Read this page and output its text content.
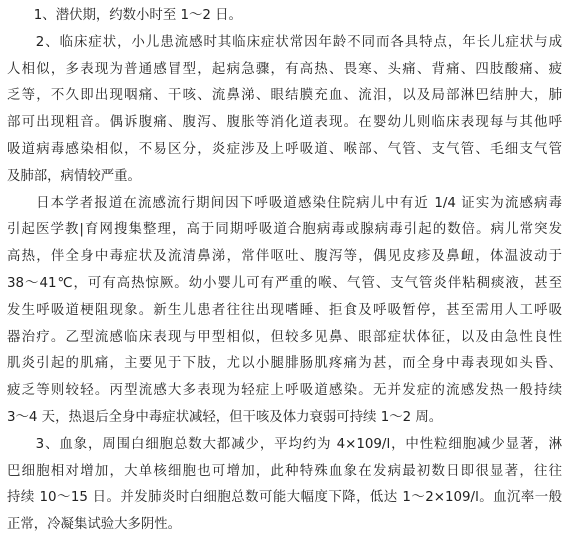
　　1、潜伏期，约数小时至 1～2 日。
　　2、临床症状，小儿患流感时其临床症状常因年龄不同而各具特点，年长儿症状与成
人相似，多表现为普通感冒型，起病急骤，有高热、畏寒、头痛、背痛、四肢酸痛、疲
乏等，不久即出现咽痛、干咳、流鼻涕、眼结膜充血、流泪，以及局部淋巴结肿大，肺
部可出现粗音。偶诉腹痛、腹泻、腹胀等消化道表现。在婴幼儿则临床表现每与其他呼
吸道病毒感染相似，不易区分，炎症涉及上呼吸道、喉部、气管、支气管、毛细支气管
及肺部，病情较严重。
　　日本学者报道在流感流行期间因下呼吸道感染住院病儿中有近 1/4 证实为流感病毒
引起医学教|育网搜集整理，高于同期呼吸道合胞病毒或腺病毒引起的数倍。病儿常突发
高热，伴全身中毒症状及流清鼻涕，常伴呕吐、腹泻等，偶见皮疹及鼻衄，体温波动于
38～41℃，可有高热惊厥。幼小婴儿可有严重的喉、气管、支气管炎伴粘稠痰液，甚至
发生呼吸道梗阻现象。新生儿患者往往出现嗜睡、拒食及呼吸暂停，甚至需用人工呼吸
器治疗。乙型流感临床表现与甲型相似，但较多见鼻、眼部症状体征，以及由急性良性
肌炎引起的肌痛，主要见于下肢，尤以小腿腓肠肌疼痛为甚，而全身中毒表现如头昏、
疲乏等则较轻。丙型流感大多表现为轻症上呼吸道感染。无并发症的流感发热一般持续
3～4 天，热退后全身中毒症状减轻，但干咳及体力衰弱可持续 1～2 周。
　　3、血象，周围白细胞总数大都减少，平均约为 4×109/l，中性粒细胞减少显著，淋
巴细胞相对增加，大单核细胞也可增加，此种特殊血象在发病最初数日即很显著，往往
持续 10～15 日。并发肺炎时白细胞总数可能大幅度下降，低达 1～2×109/l。血沉率一般
正常，冷凝集试验大多阴性。
